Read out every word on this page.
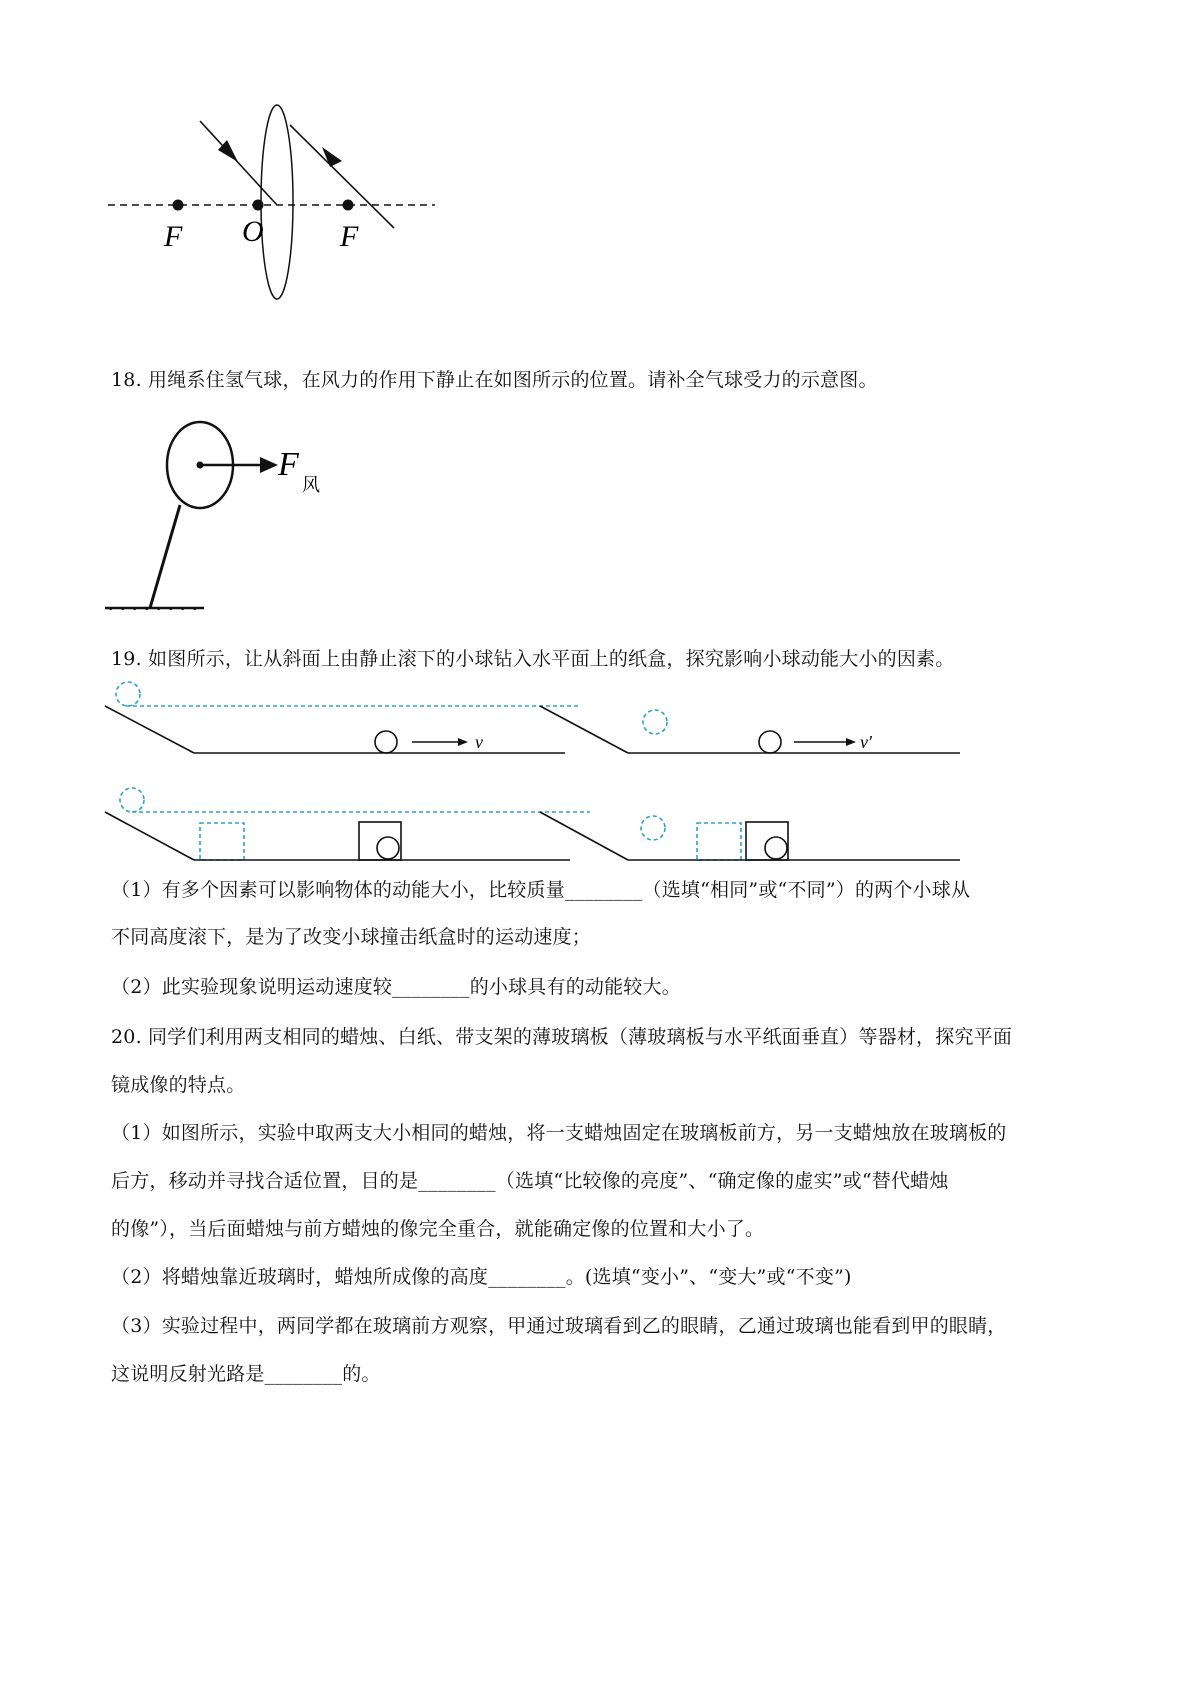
F O	F
18. 用绳系住氢气球，在风力的作用下静止在如图所示的位置。请补全气球受力的示意图。
F
风
19. 如图所示，让从斜面上由静止滚下的小球钻入水平面上的纸盒，探究影响小球动能大小的因素。
v	v′
（1）有多个因素可以影响物体的动能大小，比较质量________（选填“相同”或“不同”）的两个小球从
不同高度滚下，是为了改变小球撞击纸盒时的运动速度；
（2）此实验现象说明运动速度较________的小球具有的动能较大。
20. 同学们利用两支相同的蜡烛、白纸、带支架的薄玻璃板（薄玻璃板与水平纸面垂直）等器材，探究平面
镜成像的特点。
（1）如图所示，实验中取两支大小相同的蜡烛，将一支蜡烛固定在玻璃板前方，另一支蜡烛放在玻璃板的
后方，移动并寻找合适位置，目的是________（选填“比较像的亮度”、“确定像的虚实”或“替代蜡烛
的像”），当后面蜡烛与前方蜡烛的像完全重合，就能确定像的位置和大小了。
（2）将蜡烛靠近玻璃时，蜡烛所成像的高度________。(选填“变小”、“变大”或“不变”)
（3）实验过程中，两同学都在玻璃前方观察，甲通过玻璃看到乙的眼睛，乙通过玻璃也能看到甲的眼睛，
这说明反射光路是________的。
